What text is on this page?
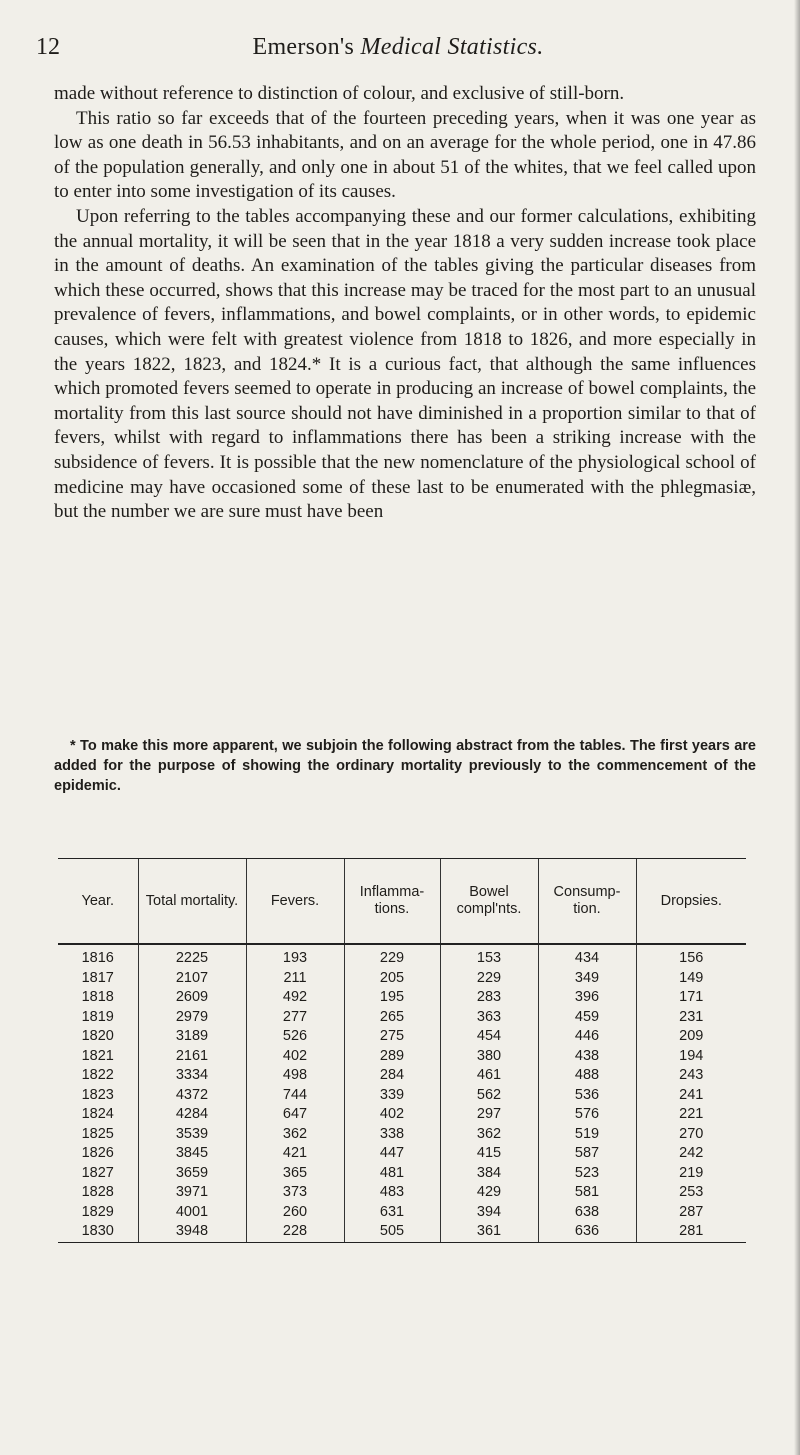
12	Emerson's Medical Statistics.

made without reference to distinction of colour, and exclusive of still-born.

This ratio so far exceeds that of the fourteen preceding years, when it was one year as low as one death in 56.53 inhabitants, and on an average for the whole period, one in 47.86 of the population generally, and only one in about 51 of the whites, that we feel called upon to enter into some investigation of its causes.

Upon referring to the tables accompanying these and our former calculations, exhibiting the annual mortality, it will be seen that in the year 1818 a very sudden increase took place in the amount of deaths. An examination of the tables giving the particular diseases from which these occurred, shows that this increase may be traced for the most part to an unusual prevalence of fevers, inflammations, and bowel complaints, or in other words, to epidemic causes, which were felt with greatest violence from 1818 to 1826, and more especially in the years 1822, 1823, and 1824.* It is a curious fact, that although the same influences which promoted fevers seemed to operate in producing an increase of bowel complaints, the mortality from this last source should not have diminished in a proportion similar to that of fevers, whilst with regard to inflammations there has been a striking increase with the subsidence of fevers. It is possible that the new nomenclature of the physiological school of medicine may have occasioned some of these last to be enumerated with the phlegmasiæ, but the number we are sure must have been

* To make this more apparent, we subjoin the following abstract from the tables. The first years are added for the purpose of showing the ordinary mortality previously to the commencement of the epidemic.

Year.	Total mortality.	Fevers.	Inflamma-tions.	Bowel compl'nts.	Consump-tion.	Dropsies.
1816	2225	193	229	153	434	156
1817	2107	211	205	229	349	149
1818	2609	492	195	283	396	171
1819	2979	277	265	363	459	231
1820	3189	526	275	454	446	209
1821	2161	402	289	380	438	194
1822	3334	498	284	461	488	243
1823	4372	744	339	562	536	241
1824	4284	647	402	297	576	221
1825	3539	362	338	362	519	270
1826	3845	421	447	415	587	242
1827	3659	365	481	384	523	219
1828	3971	373	483	429	581	253
1829	4001	260	631	394	638	287
1830	3948	228	505	361	636	281
